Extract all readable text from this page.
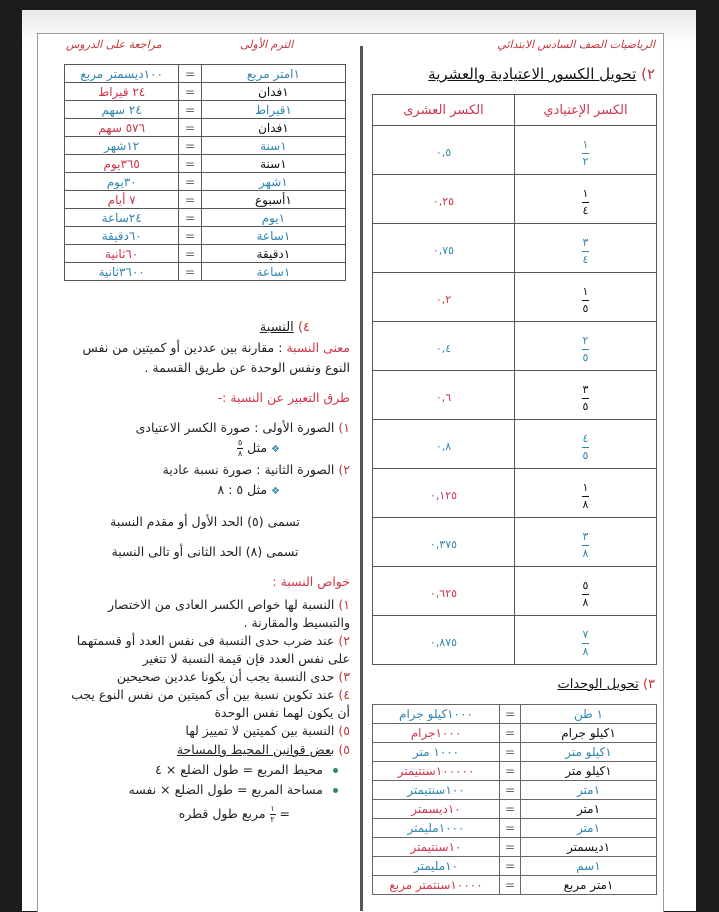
الرياضيات الصف السادس الابتدائي
الترم الأولى
مراجعة على الدروس
١امتر مربع	=	١٠٠ديسمتر مربع
١فدان	=	٢٤ قيراط
١قيراط	=	٢٤ سهم
١فدان	=	٥٧٦ سهم
١سنة	=	١٢شهر
١سنة	=	٣٦٥يوم
١شهر	=	٣٠يوم
١أسبوع	=	٧ أيام
١يوم	=	٢٤ساعة
١ساعة	=	٦٠دقيقة
١دقيقة	=	٦٠ثانية
١ساعة	=	٣٦٠٠ثانية
٢) تحويل الكسور الاعتيادية والعشرية
الكسر الإعتيادي	الكسر العشرى

$\frac{١}{٢}$	٠,٥

$\frac{١}{٤}$	٠,٢٥

$\frac{٣}{٤}$	٠,٧٥

$\frac{١}{٥}$	٠,٢

$\frac{٢}{٥}$	٠,٤

$\frac{٣}{٥}$	٠,٦

$\frac{٤}{٥}$	٠,٨

$\frac{١}{٨}$	٠,١٢٥

$\frac{٣}{٨}$	٠,٣٧٥

$\frac{٥}{٨}$	٠,٦٢٥

$\frac{٧}{٨}$	٠,٨٧٥
٣) تحويل الوحدات
١ طن	=	١٠٠٠كيلو جرام
١كيلو جرام	=	١٠٠٠جرام
١كيلو متر	=	١٠٠٠ متر
١كيلو متر	=	١٠٠٠٠٠سنتيمتر
١متر	=	١٠٠سنتيمتر
١متر	=	١٠ديسمتر
١متر	=	١٠٠٠مليمتر
١ديسمتر	=	١٠سنتيمتر
١سم	=	١٠مليمتر
١متر مربع	=	١٠٠٠٠سنتمتر مربع

٤) النسبة

معنى النسبة : مقارنة بين عددين أو كميتين من نفس النوع ونفس الوحدة عن طريق القسمة .

طرق التعبير عن النسبة :-

١) الصورة الأولى : صورة الكسر الاعتيادى

❖ مثل
٥
٨

٢) الصورة الثانية : صورة نسبة عادية

❖ مثل ٥ : ٨

تسمى (٥) الحد الأول أو مقدم النسبة

تسمى (٨) الحد الثانى أو تالى النسبة

خواص النسبة :

١) النسبة لها خواص الكسر العادى من الاختصار والتبسيط والمقارنة .

٢) عند ضرب حدى النسبة فى نفس العدد أو قسمتهما على نفس العدد فإن قيمة النسبة لا تتغير

٣) حدى النسبة يجب أن يكونا عددين صحيحين

٤) عند تكوين نسبة بين أى كميتين من نفس النوع يجب أن يكون لهما نفس الوحدة

٥) النسبة بين كميتين لا تمييز لها

٥) بعض قوانين المحيط والمساحة

محيط المربع = طول الضلع × ٤

مساحة المربع = طول الضلع × نفسه

=
١
٢
مربع طول قطره
